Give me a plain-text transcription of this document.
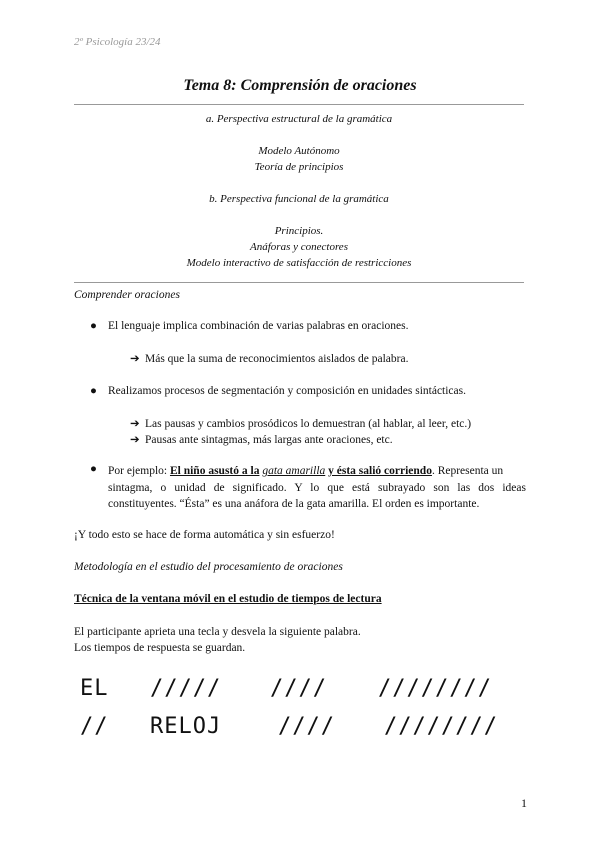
2º Psicología 23/24
Tema 8: Comprensión de oraciones
a. Perspectiva estructural de la gramática
Modelo Autónomo
Teoría de principios
b. Perspectiva funcional de la gramática
Principios.
Anáforas y conectores
Modelo interactivo de satisfacción de restricciones
Comprender oraciones
● El lenguaje implica combinación de varias palabras en oraciones.
➔ Más que la suma de reconocimientos aislados de palabra.
● Realizamos procesos de segmentación y composición en unidades sintácticas.
➔ Las pausas y cambios prosódicos lo demuestran (al hablar, al leer, etc.)
➔ Pausas ante sintagmas, más largas ante oraciones, etc.
● Por ejemplo: El niño asustó a la gata amarilla y ésta salió corriendo. Representa un
sintagma, o unidad de significado. Y lo que está subrayado son las dos ideas
constituyentes. “Ésta” es una anáfora de la gata amarilla. El orden es importante.
¡Y todo esto se hace de forma automática y sin esfuerzo!
Metodología en el estudio del procesamiento de oraciones
Técnica de la ventana móvil en el estudio de tiempos de lectura
El participante aprieta una tecla y desvela la siguiente palabra.
Los tiempos de respuesta se guardan.
EL ///// //// ////////
// RELOJ	//// ////////
1
